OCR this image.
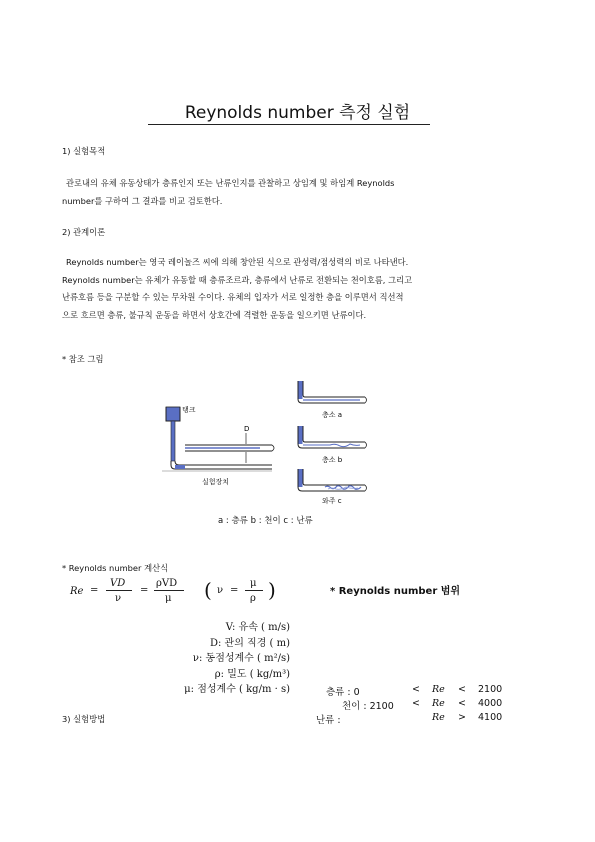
Reynolds number 측정 실험
1) 실험목적
관로내의 유체 유동상태가 층류인지 또는 난류인지를 관찰하고 상임계 및 하임계 Reynolds
number를 구하여 그 결과를 비교 검토한다.
2) 관계이론
Reynolds number는 영국 레이놀즈 씨에 의해 창안된 식으로 관성력/점성력의 비로 나타낸다.
Reynolds number는 유체가 유동할 때 층류조르과, 층류에서 난류로 전환되는 천이호름, 그리고
난류호름 등을 구분할 수 있는 무차원 수이다. 유체의 입자가 서로 일정한 층을 이루면서 직선적
으로 흐르면 층류, 불규칙 운동을 하면서 상호간에 격렬한 운동을 일으키면 난류이다.
* 참조 그림
탱크
D
실험장치
층소 a
층소 b
와주 c
a : 층류 b : 천이 c : 난류
* Reynolds number 계산식
Re =
VD
ν
=
ρVD
μ ( ν =
μ
ρ )
V: 유속 ( m/s)
D: 관의 직경 ( m)
ν: 동점성계수 ( m²/s)
ρ: 밀도 ( kg/m³)
μ: 점성계수 ( kg/m · s)
* Reynolds number 범위
층류 : 0	< Re < 2100
천이 : 2100 < Re < 4000
난류 :	Re > 4100
3) 실험방법
